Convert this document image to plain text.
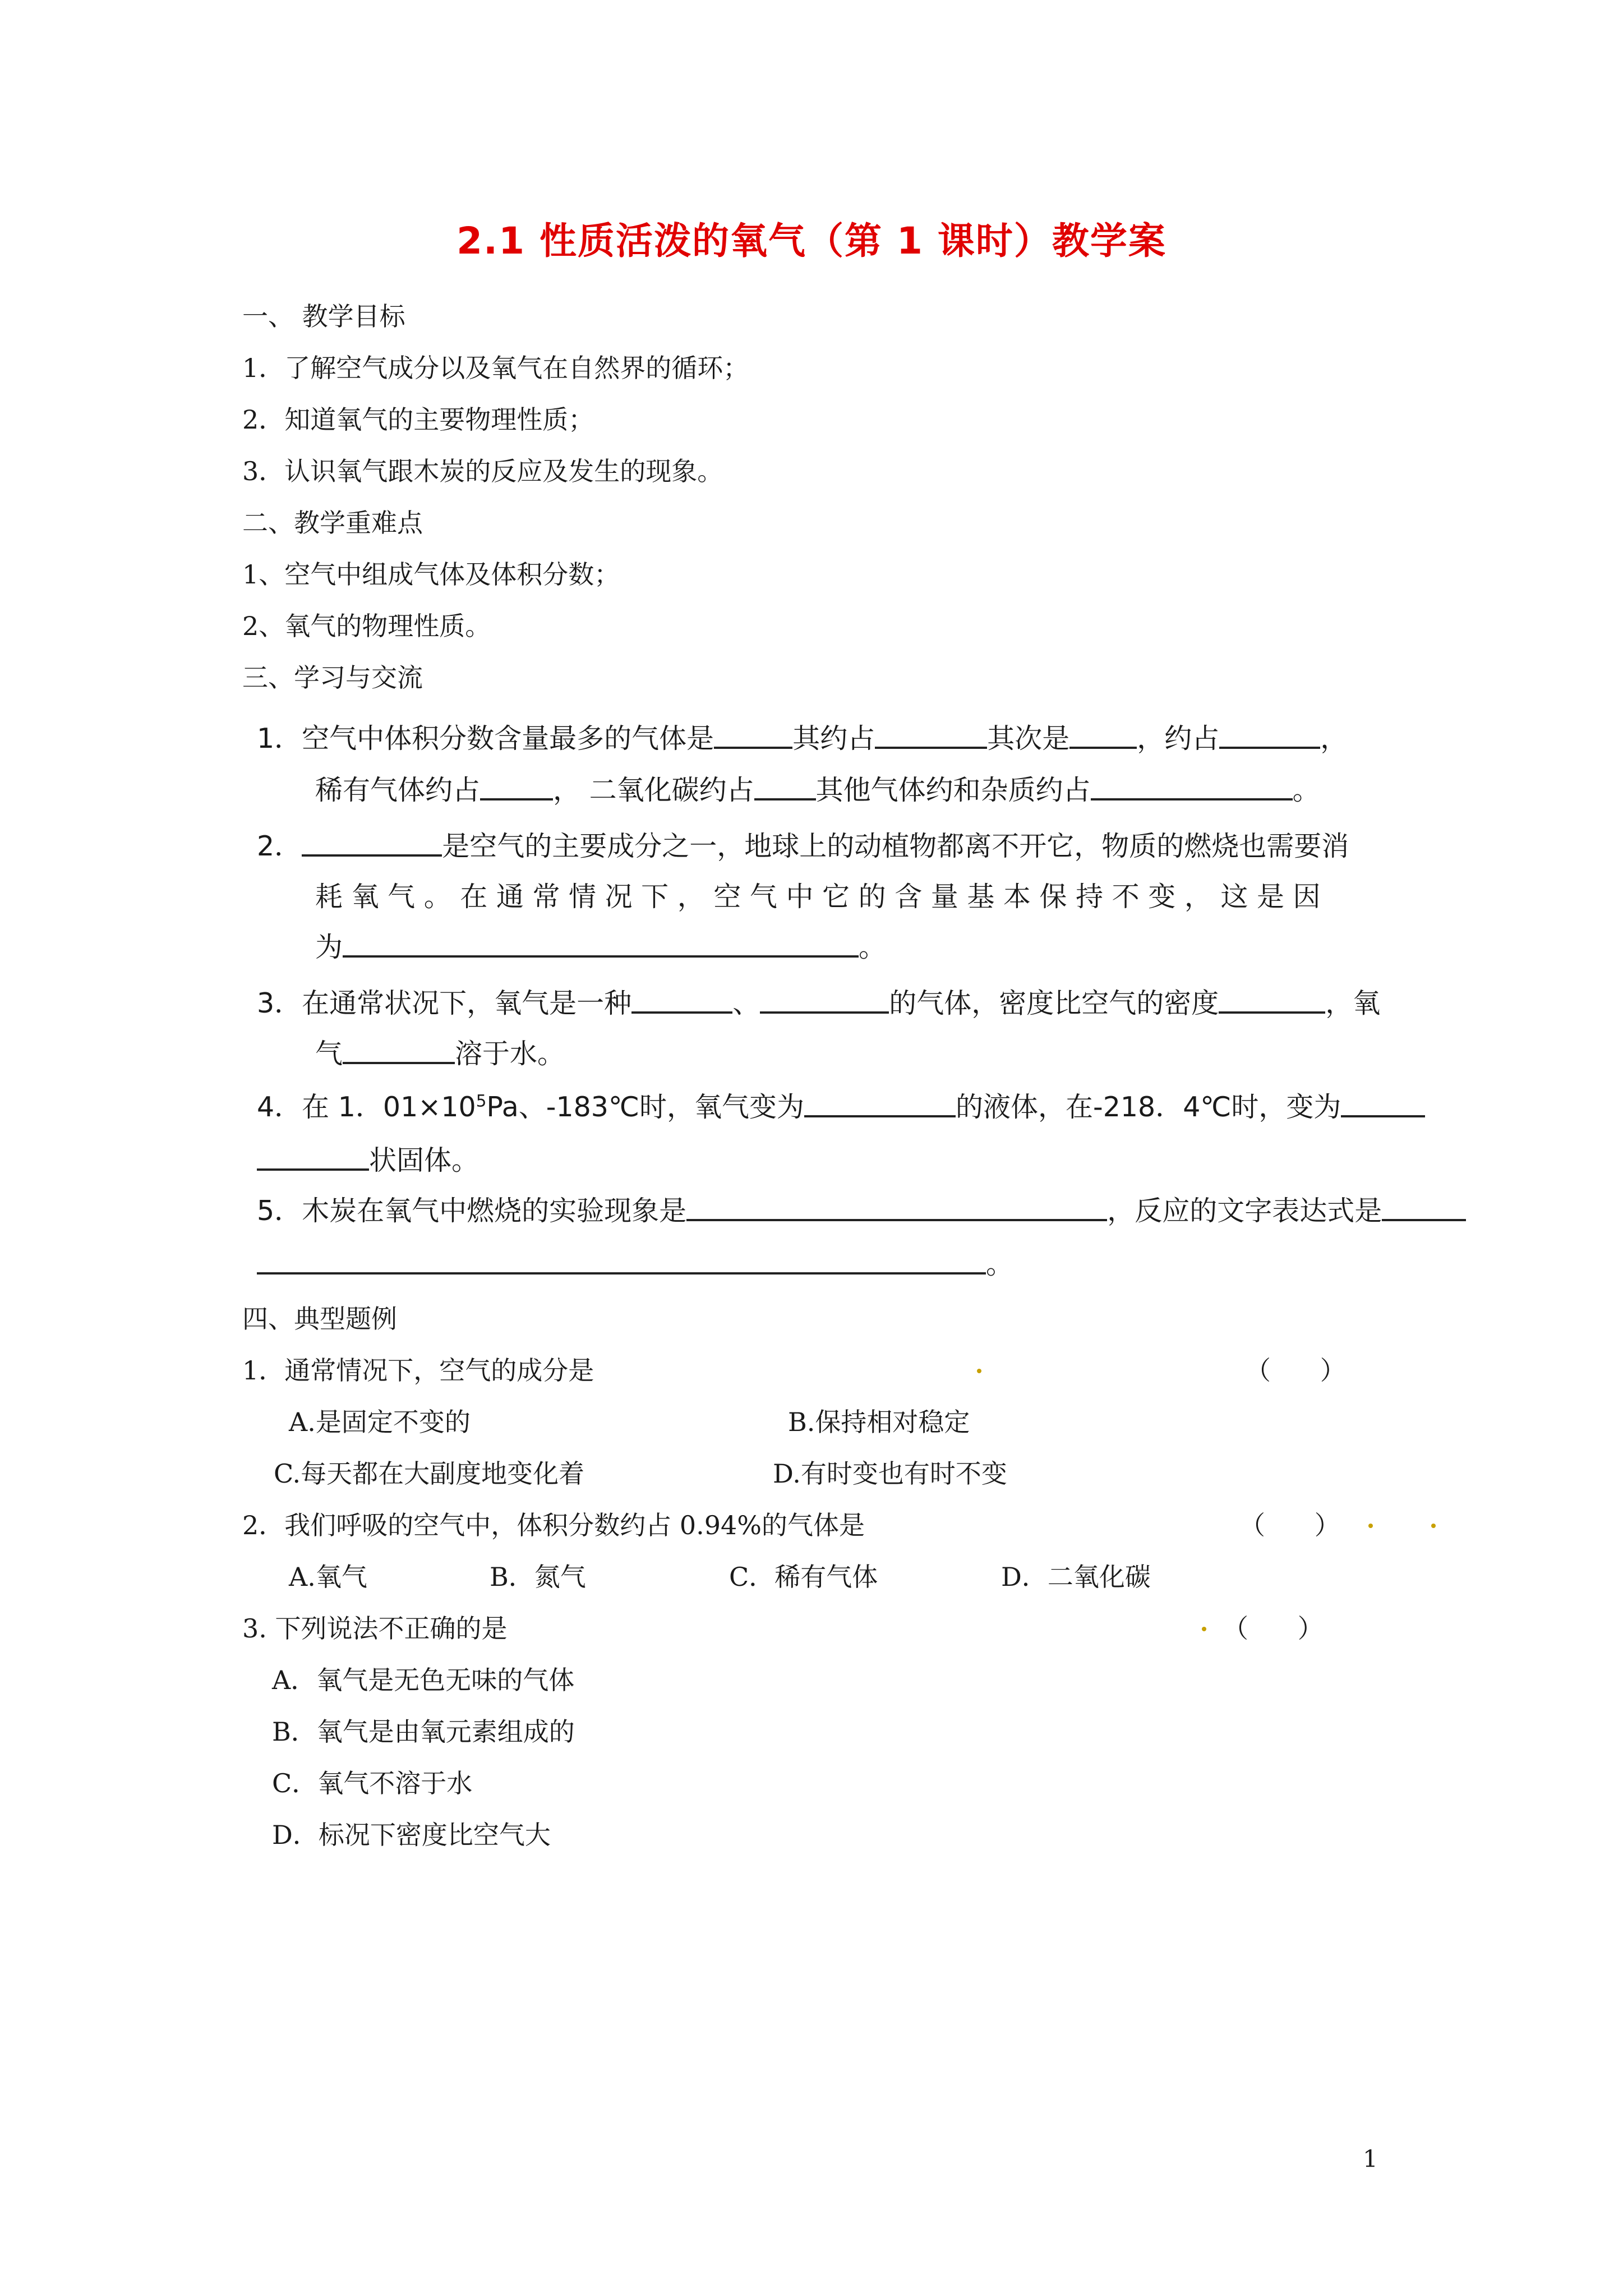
2.1 性质活泼的氧气（第 1 课时）教学案
一、 教学目标
1．了解空气成分以及氧气在自然界的循环；
2．知道氧气的主要物理性质；
3．认识氧气跟木炭的反应及发生的现象。
二、教学重难点
1、空气中组成气体及体积分数；
2、氧气的物理性质。
三、学习与交流
1．空气中体积分数含量最多的气体是	其约占	其次是 ，约占	，
稀有气体约占	， 二氧化碳约占 其他气体约和杂质约占	。
2．	是空气的主要成分之一，地球上的动植物都离不开它，物质的燃烧也需要消
耗 氧 气 。 在 通 常 情 况 下 ， 空 气 中 它 的 含 量 基 本 保 持 不 变 ， 这 是 因
为	。
3．在通常状况下，氧气是一种	、	的气体，密度比空气的密度	，氧
气	溶于水。
4．在 1．$01\times 10^5Pa$、-183℃时，氧气变为	的液体，在-218．4℃时，变为
状固体。
5．木炭在氧气中燃烧的实验现象是	，反应的文字表达式是
。
四、典型题例
1．通常情况下，空气的成分是	（      ）
A.是固定不变的	B.保持相对稳定
C.每天都在大副度地变化着	D.有时变也有时不变
2．我们呼吸的空气中，体积分数约占 0.94%的气体是	（      ）
A.氧气	B．氮气	C．稀有气体	D．二氧化碳
3. 下列说法不正确的是	（      ）
A．氧气是无色无味的气体
B．氧气是由氧元素组成的
C．氧气不溶于水
D．标况下密度比空气大
1
